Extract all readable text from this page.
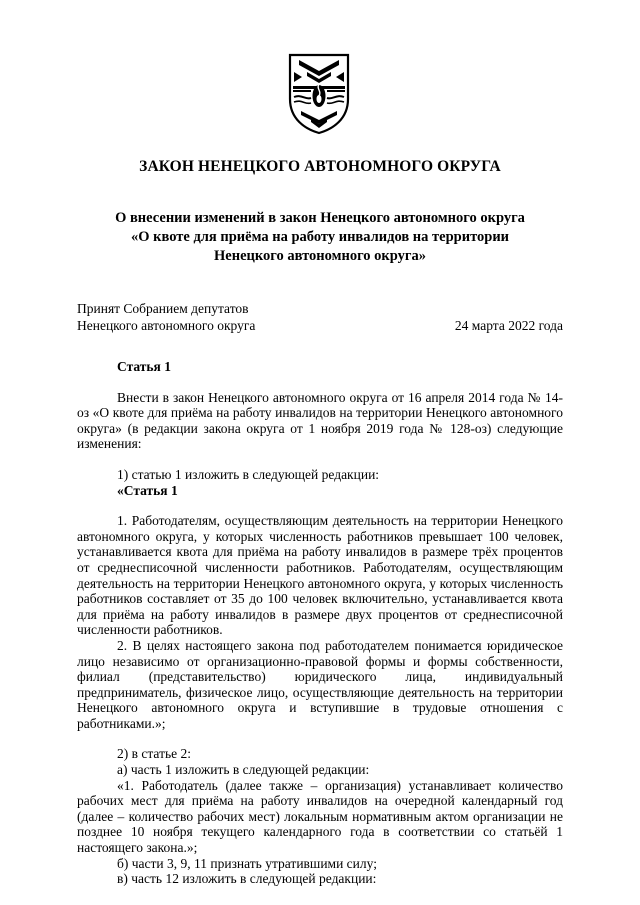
ЗАКОН НЕНЕЦКОГО АВТОНОМНОГО ОКРУГА
О внесении изменений в закон Ненецкого автономного округа
«О квоте для приёма на работу инвалидов на территории
Ненецкого автономного округа»
Принят Собранием депутатов
Ненецкого автономного округа	24 марта 2022 года

Статья 1

Внести в закон Ненецкого автономного округа от 16 апреля 2014 года № 14-оз «О квоте для приёма на работу инвалидов на территории Ненецкого автономного округа» (в редакции закона округа от 1 ноября 2019 года № 128-оз) следующие изменения:

1) статью 1 изложить в следующей редакции:

«Статья 1

1. Работодателям, осуществляющим деятельность на территории Ненецкого автономного округа, у которых численность работников превышает 100 человек, устанавливается квота для приёма на работу инвалидов в размере трёх процентов от среднесписочной численности работников. Работодателям, осуществляющим деятельность на территории Ненецкого автономного округа, у которых численность работников составляет от 35 до 100 человек включительно, устанавливается квота для приёма на работу инвалидов в размере двух процентов от среднесписочной численности работников.

2. В целях настоящего закона под работодателем понимается юридическое лицо независимо от организационно-правовой формы и формы собственности, филиал (представительство) юридического лица, индивидуальный предприниматель, физическое лицо, осуществляющие деятельность на территории Ненецкого автономного округа и вступившие в трудовые отношения с работниками.»;

2) в статье 2:

а) часть 1 изложить в следующей редакции:

«1. Работодатель (далее также – организация) устанавливает количество рабочих мест для приёма на работу инвалидов на очередной календарный год (далее – количество рабочих мест) локальным нормативным актом организации не позднее 10 ноября текущего календарного года в соответствии со статьёй 1 настоящего закона.»;

б) части 3, 9, 11 признать утратившими силу;

в) часть 12 изложить в следующей редакции:
